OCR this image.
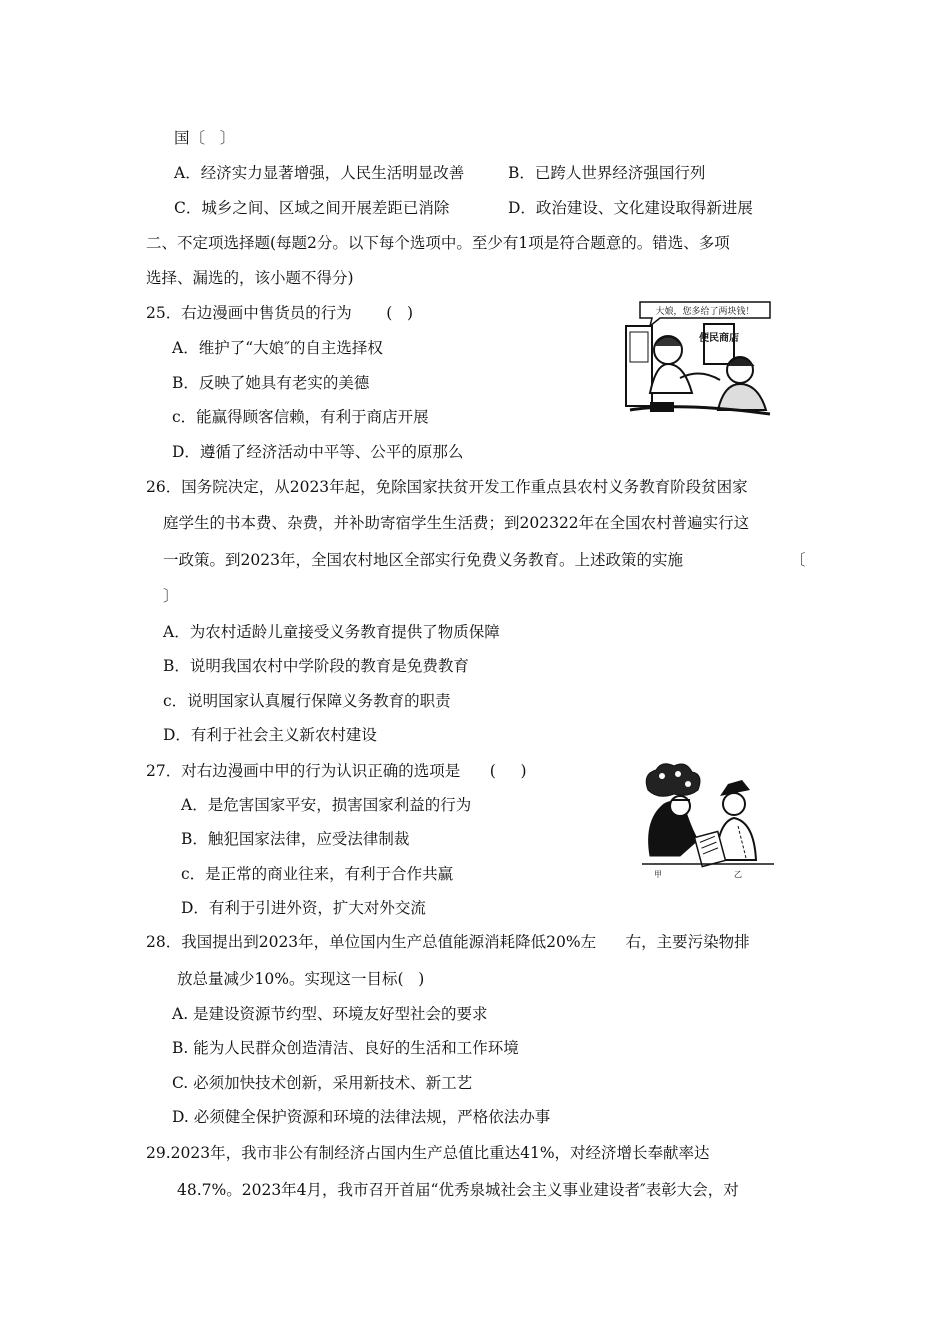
国〔   〕
A．经济实力显著增强，人民生活明显改善	B．已跨人世界经济强国行列
C．城乡之间、区域之间开展差距已消除	D．政治建设、文化建设取得新进展
二、不定项选择题(每题2分。以下每个选项中。至少有1项是符合题意的。错选、多项
选择、漏选的，该小题不得分)
25．右边漫画中售货员的行为       (   )
A．维护了“大娘″的自主选择权
B．反映了她具有老实的美德
c．能赢得顾客信赖，有利于商店开展
D．遵循了经济活动中平等、公平的原那么
大娘，您多给了两块钱！
便民商店
26．国务院决定，从2023年起，免除国家扶贫开发工作重点县农村义务教育阶段贫困家
庭学生的书本费、杂费，并补助寄宿学生生活费；到202322年在全国农村普遍实行这
一政策。到2023年，全国农村地区全部实行免费义务教育。上述政策的实施	〔
〕
A．为农村适龄儿童接受义务教育提供了物质保障
B．说明我国农村中学阶段的教育是免费教育
c．说明国家认真履行保障义务教育的职责
D．有利于社会主义新农村建设
27．对右边漫画中甲的行为认识正确的选项是      (     )
A．是危害国家平安，损害国家利益的行为
B．触犯国家法律，应受法律制裁
c．是正常的商业往来，有利于合作共赢
D．有利于引进外资，扩大对外交流
甲	乙
28．我国提出到2023年，单位国内生产总值能源消耗降低20%左      右，主要污染物排
放总量减少10%。实现这一目标(   )
A. 是建设资源节约型、环境友好型社会的要求
B. 能为人民群众创造清洁、良好的生活和工作环境
C. 必须加快技术创新，采用新技术、新工艺
D. 必须健全保护资源和环境的法律法规，严格依法办事
29.2023年，我市非公有制经济占国内生产总值比重达41%，对经济增长奉献率达
48.7%。2023年4月，我市召开首届“优秀泉城社会主义事业建设者″表彰大会，对
